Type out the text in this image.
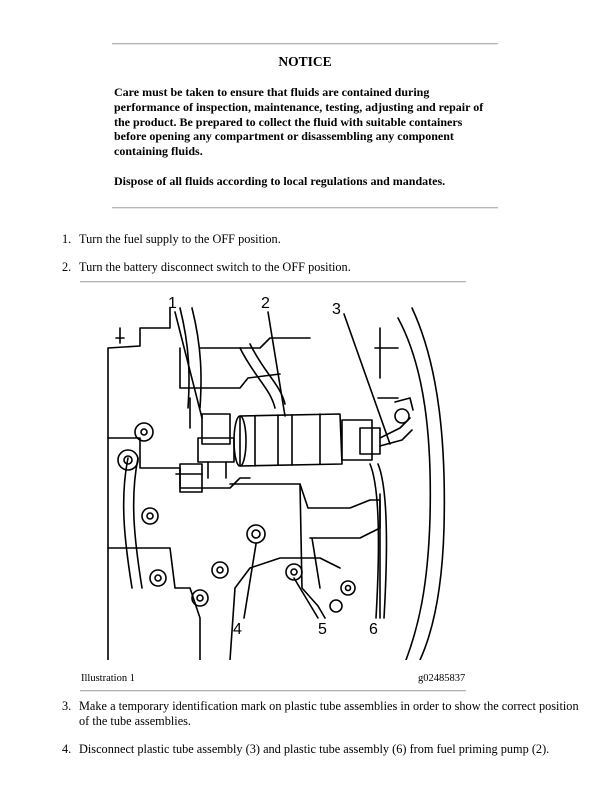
NOTICE

Care must be taken to ensure that fluids are contained during performance of inspection, maintenance, testing, adjusting and repair of the product. Be prepared to collect the fluid with suitable containers before opening any compartment or disassembling any component containing fluids.

Dispose of all fluids according to local regulations and mandates.

1. Turn the fuel supply to the OFF position.
2. Turn the battery disconnect switch to the OFF position.
1	2	3
4	5	6
Illustration 1	g02485837
3. Make a temporary identification mark on plastic tube assemblies in order to show the correct position of the tube assemblies.
4. Disconnect plastic tube assembly (3) and plastic tube assembly (6) from fuel priming pump (2).
